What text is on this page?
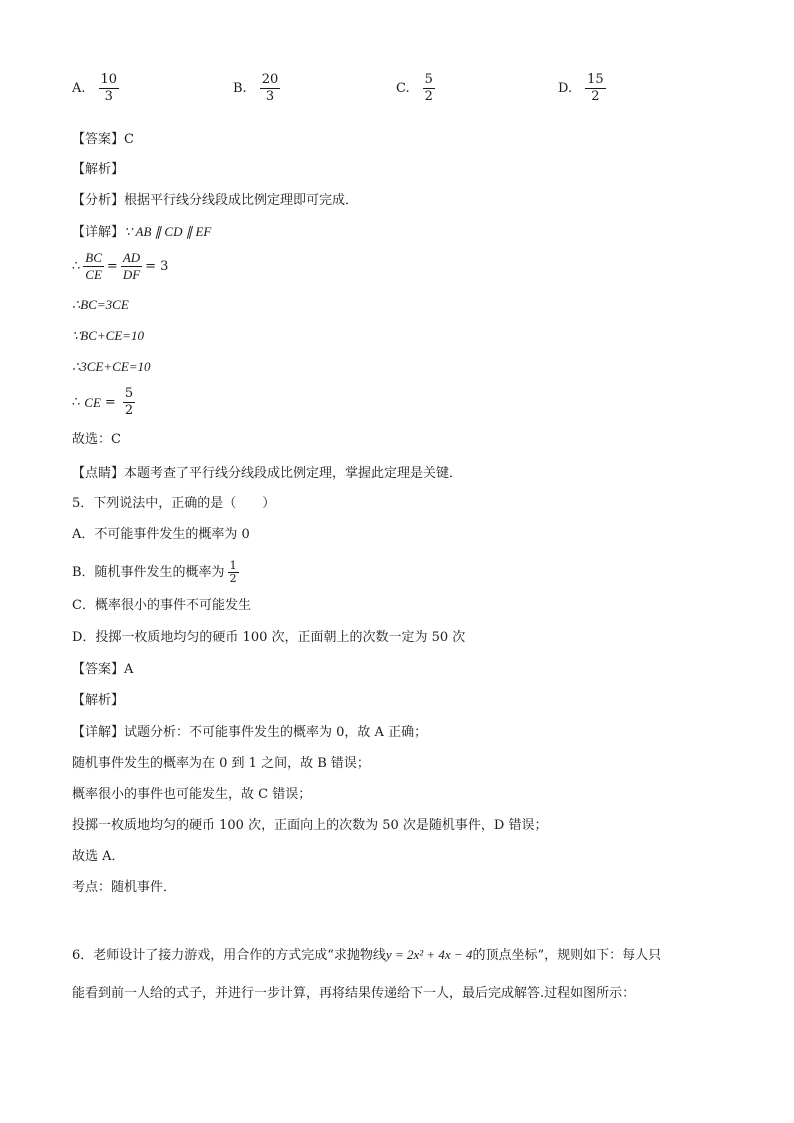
A. $\frac{10}{3}$	B. $\frac{20}{3}$	C. $\frac{5}{2}$	D. $\frac{15}{2}$
【答案】C
【解析】
【分析】根据平行线分线段成比例定理即可完成．
【详解】∵ AB ∥ CD ∥ EF
∴ $\frac{BC}{CE} = \frac{AD}{DF} = 3$
∴BC=3CE
∵BC+CE=10
∴3CE+CE=10
∴ CE = $\frac{5}{2}$
故选：C
【点睛】本题考查了平行线分线段成比例定理，掌握此定理是关键．
5．下列说法中，正确的是（　　）
A．不可能事件发生的概率为 0
B．随机事件发生的概率为 $\frac{1}{2}$
C．概率很小的事件不可能发生
D．投掷一枚质地均匀的硬币 100 次，正面朝上的次数一定为 50 次
【答案】A
【解析】
【详解】试题分析：不可能事件发生的概率为 0，故 A 正确；
随机事件发生的概率为在 0 到 1 之间，故 B 错误；
概率很小的事件也可能发生，故 C 错误；
投掷一枚质地均匀的硬币 100 次，正面向上的次数为 50 次是随机事件，D 错误；
故选 A．
考点：随机事件．
6．老师设计了接力游戏，用合作的方式完成“求抛物线y = 2x² + 4x − 4的顶点坐标”，规则如下：每人只
能看到前一人给的式子，并进行一步计算，再将结果传递给下一人，最后完成解答.过程如图所示：
